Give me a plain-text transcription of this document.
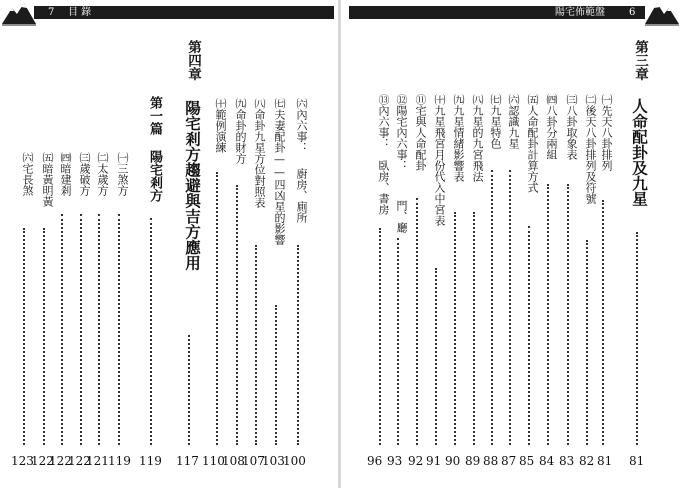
7 目 錄
第四章
陽宅剎方趨避與吉方應用
117
㈥內六事：
廚房、廁所
100
㈦夫妻配卦——四凶星的影響
103
㈧命卦九星方位對照表
107
㈨命卦的財方
108
㈩範例演練
110
第一篇
陽宅剎方
119
㈠三煞方
119
㈡太歲方
121
㈢歲破方
122
㈣暗建剎
122
㈤暗黃明黃
122
㈥宅長煞
123
陽宅佈範盤 6
第三章
人命配卦及九星
81
㈠先天八卦排列
81
㈡後天八卦排列及符號
82
㈢八卦取象表
83
㈣八卦分兩組
84
㈤人命配卦計算方式
85
㈥認識九星
87
㈦九星特色
88
㈧九星的九宮飛法
89
㈨九星情緒影響表
90
㈩九星飛宮月份代入中宮表
91
⑪宅與人命配卦
92
⑫陽宅內六事：
門、廳
93
⑬內六事：
臥房、書房
96
